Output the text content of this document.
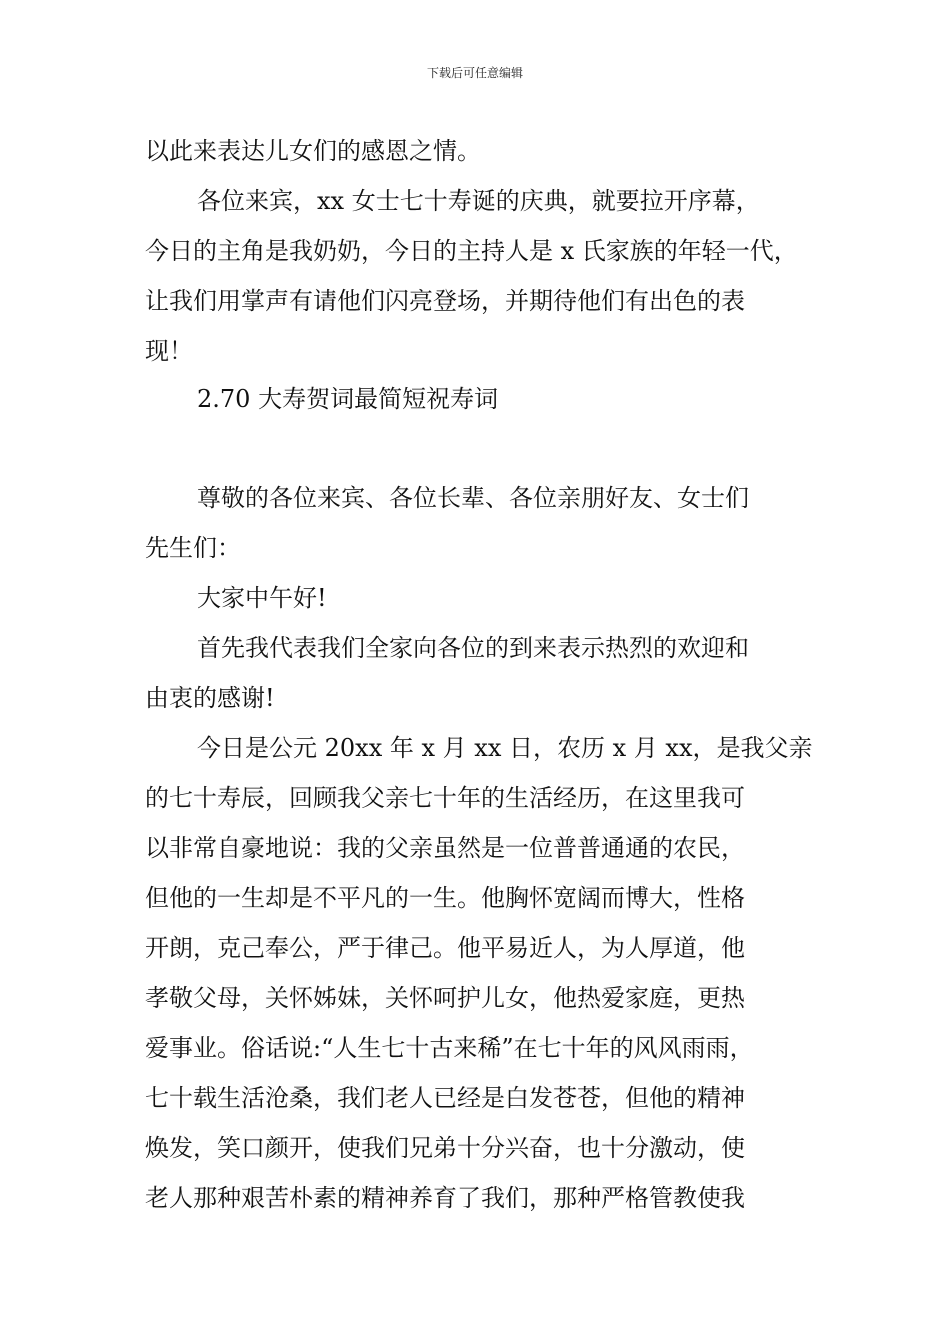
下载后可任意编辑
以此来表达儿女们的感恩之情。
各位来宾，xx 女士七十寿诞的庆典，就要拉开序幕，
今日的主角是我奶奶，今日的主持人是 x 氏家族的年轻一代，
让我们用掌声有请他们闪亮登场，并期待他们有出色的表
现！
2.70 大寿贺词最简短祝寿词
尊敬的各位来宾、各位长辈、各位亲朋好友、女士们
先生们：
大家中午好!
首先我代表我们全家向各位的到来表示热烈的欢迎和
由衷的感谢!
今日是公元 20xx 年 x 月 xx 日，农历 x 月 xx，是我父亲
的七十寿辰，回顾我父亲七十年的生活经历，在这里我可
以非常自豪地说：我的父亲虽然是一位普普通通的农民，
但他的一生却是不平凡的一生。他胸怀宽阔而博大，性格
开朗，克己奉公，严于律己。他平易近人，为人厚道，他
孝敬父母，关怀姊妹，关怀呵护儿女，他热爱家庭，更热
爱事业。俗话说:“人生七十古来稀”在七十年的风风雨雨，
七十载生活沧桑，我们老人已经是白发苍苍，但他的精神
焕发，笑口颜开，使我们兄弟十分兴奋，也十分激动，使
老人那种艰苦朴素的精神养育了我们，那种严格管教使我
